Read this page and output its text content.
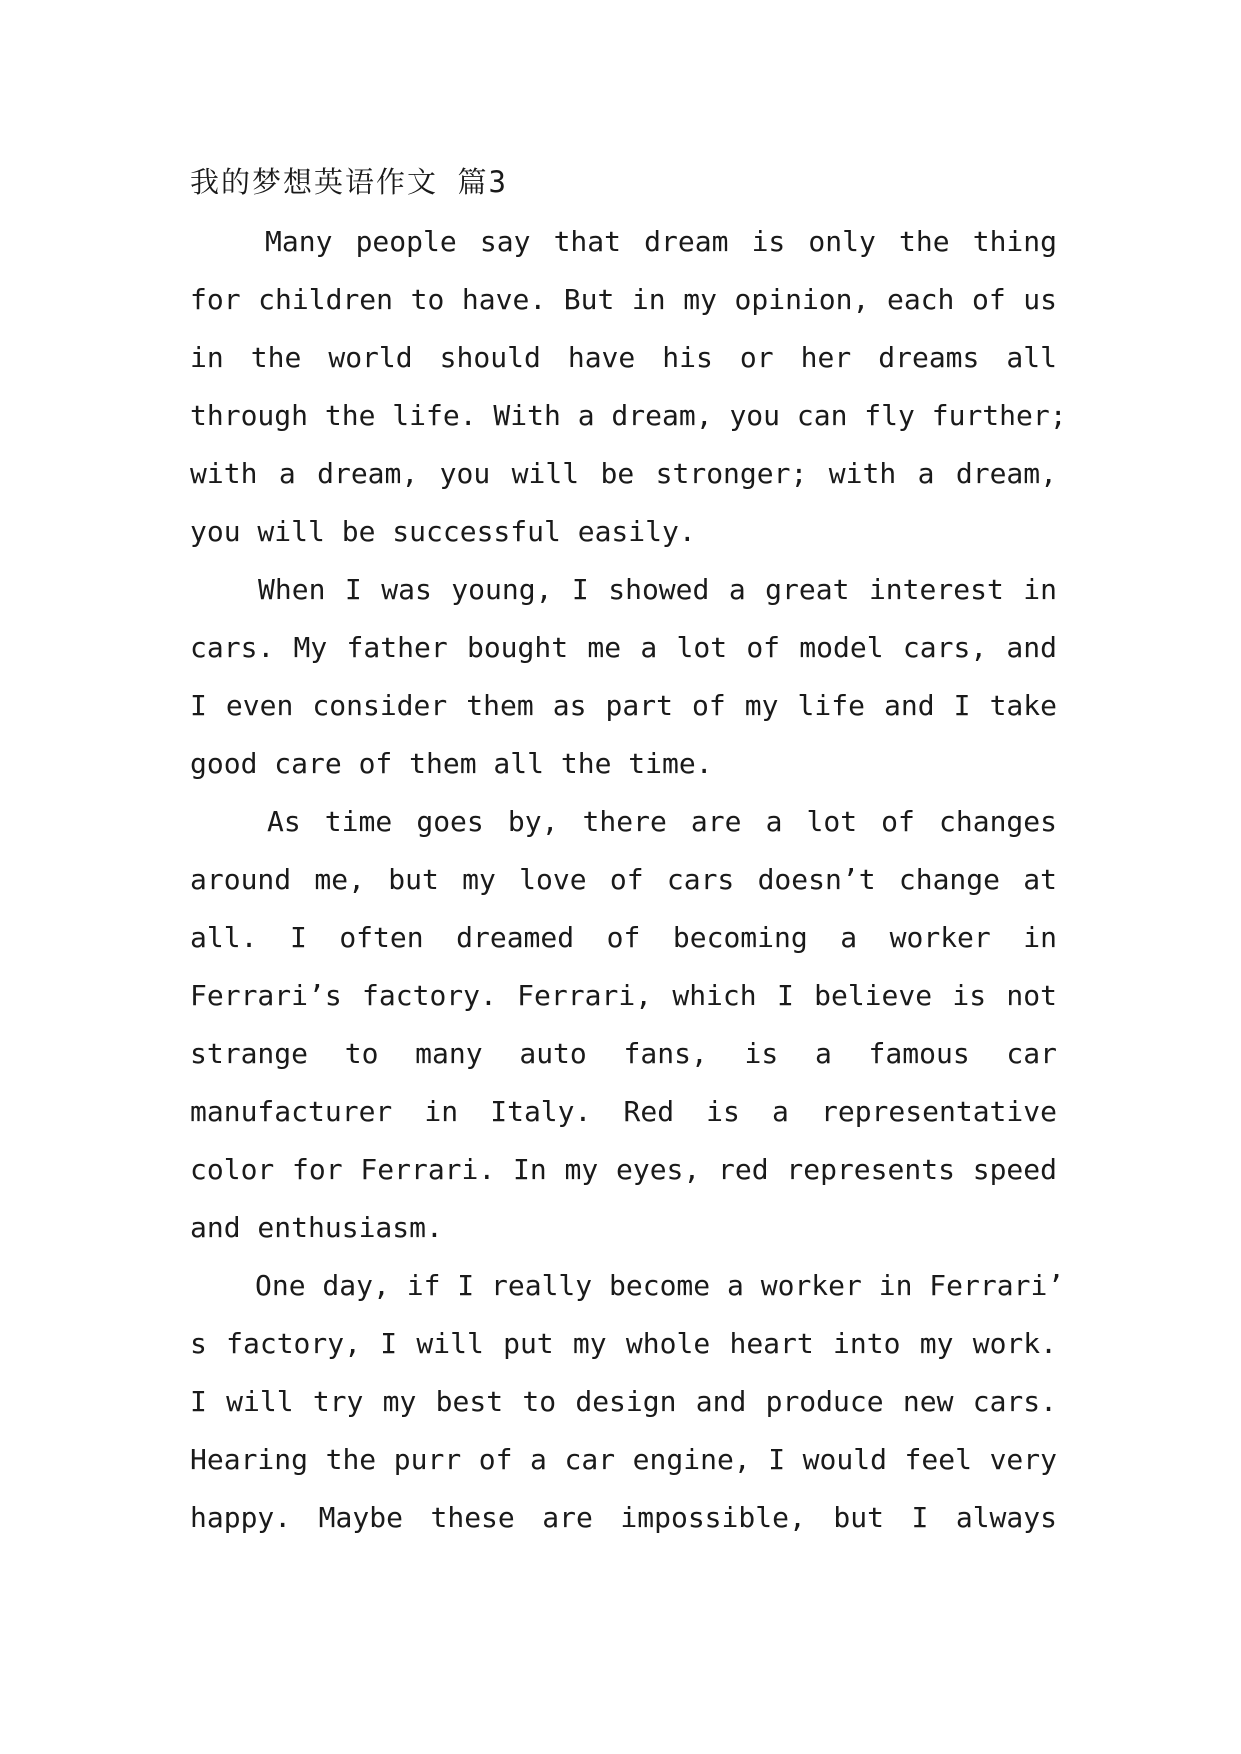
我的梦想英语作文 篇3
Many people say that dream is only the thing
for children to have. But in my opinion, each of us
in the world should have his or her dreams all
through the life. With a dream, you can fly further;
with a dream, you will be stronger; with a dream,
you will be successful easily.
When I was young, I showed a great interest in
cars. My father bought me a lot of model cars, and
I even consider them as part of my life and I take
good care of them all the time.
As time goes by, there are a lot of changes
around me, but my love of cars doesn’t change at
all. I often dreamed of becoming a worker in
Ferrari’s factory. Ferrari, which I believe is not
strange to many auto fans, is a famous car
manufacturer in Italy. Red is a representative
color for Ferrari. In my eyes, red represents speed
and enthusiasm.
One day, if I really become a worker in Ferrari’
s factory, I will put my whole heart into my work.
I will try my best to design and produce new cars.
Hearing the purr of a car engine, I would feel very
happy. Maybe these are impossible, but I always
